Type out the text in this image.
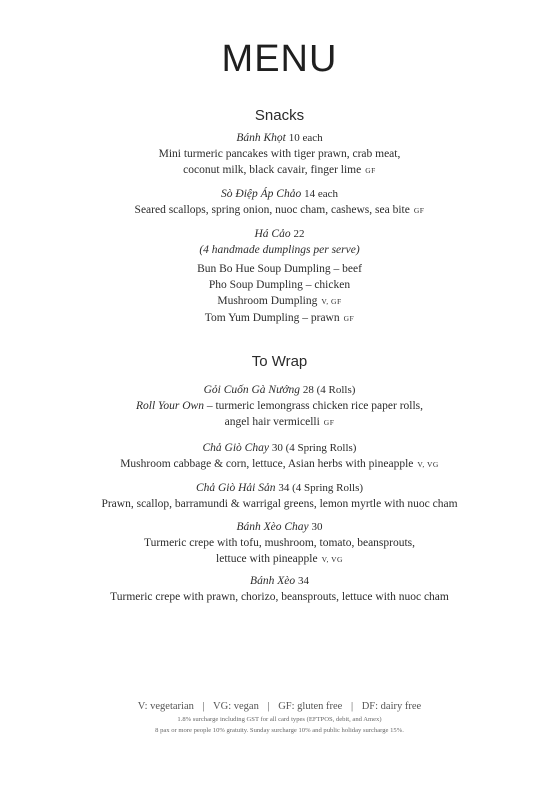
MENU
Snacks
Bánh Khọt 10 each
Mini turmeric pancakes with tiger prawn, crab meat,
coconut milk, black cavair, finger lime GF
Sò Điệp Áp Chảo 14 each
Seared scallops, spring onion, nuoc cham, cashews, sea bite GF
Há Cảo 22
(4 handmade dumplings per serve)
Bun Bo Hue Soup Dumpling – beef
Pho Soup Dumpling – chicken
Mushroom Dumpling V, GF
Tom Yum Dumpling – prawn GF
To Wrap
Gỏi Cuốn Gà Nướng 28 (4 Rolls)
Roll Your Own – turmeric lemongrass chicken rice paper rolls,
angel hair vermicelli GF
Chả Giò Chay 30 (4 Spring Rolls)
Mushroom cabbage & corn, lettuce, Asian herbs with pineapple V, VG
Chả Giò Hải Sản 34 (4 Spring Rolls)
Prawn, scallop, barramundi & warrigal greens, lemon myrtle with nuoc cham
Bánh Xèo Chay 30
Turmeric crepe with tofu, mushroom, tomato, beansprouts,
lettuce with pineapple V, VG
Bánh Xèo 34
Turmeric crepe with prawn, chorizo, beansprouts, lettuce with nuoc cham
V: vegetarian | VG: vegan | GF: gluten free | DF: dairy free
1.8% surcharge including GST for all card types (EFTPOS, debit, and Amex)
8 pax or more people 10% gratuity. Sunday surcharge 10% and public holiday surcharge 15%.
